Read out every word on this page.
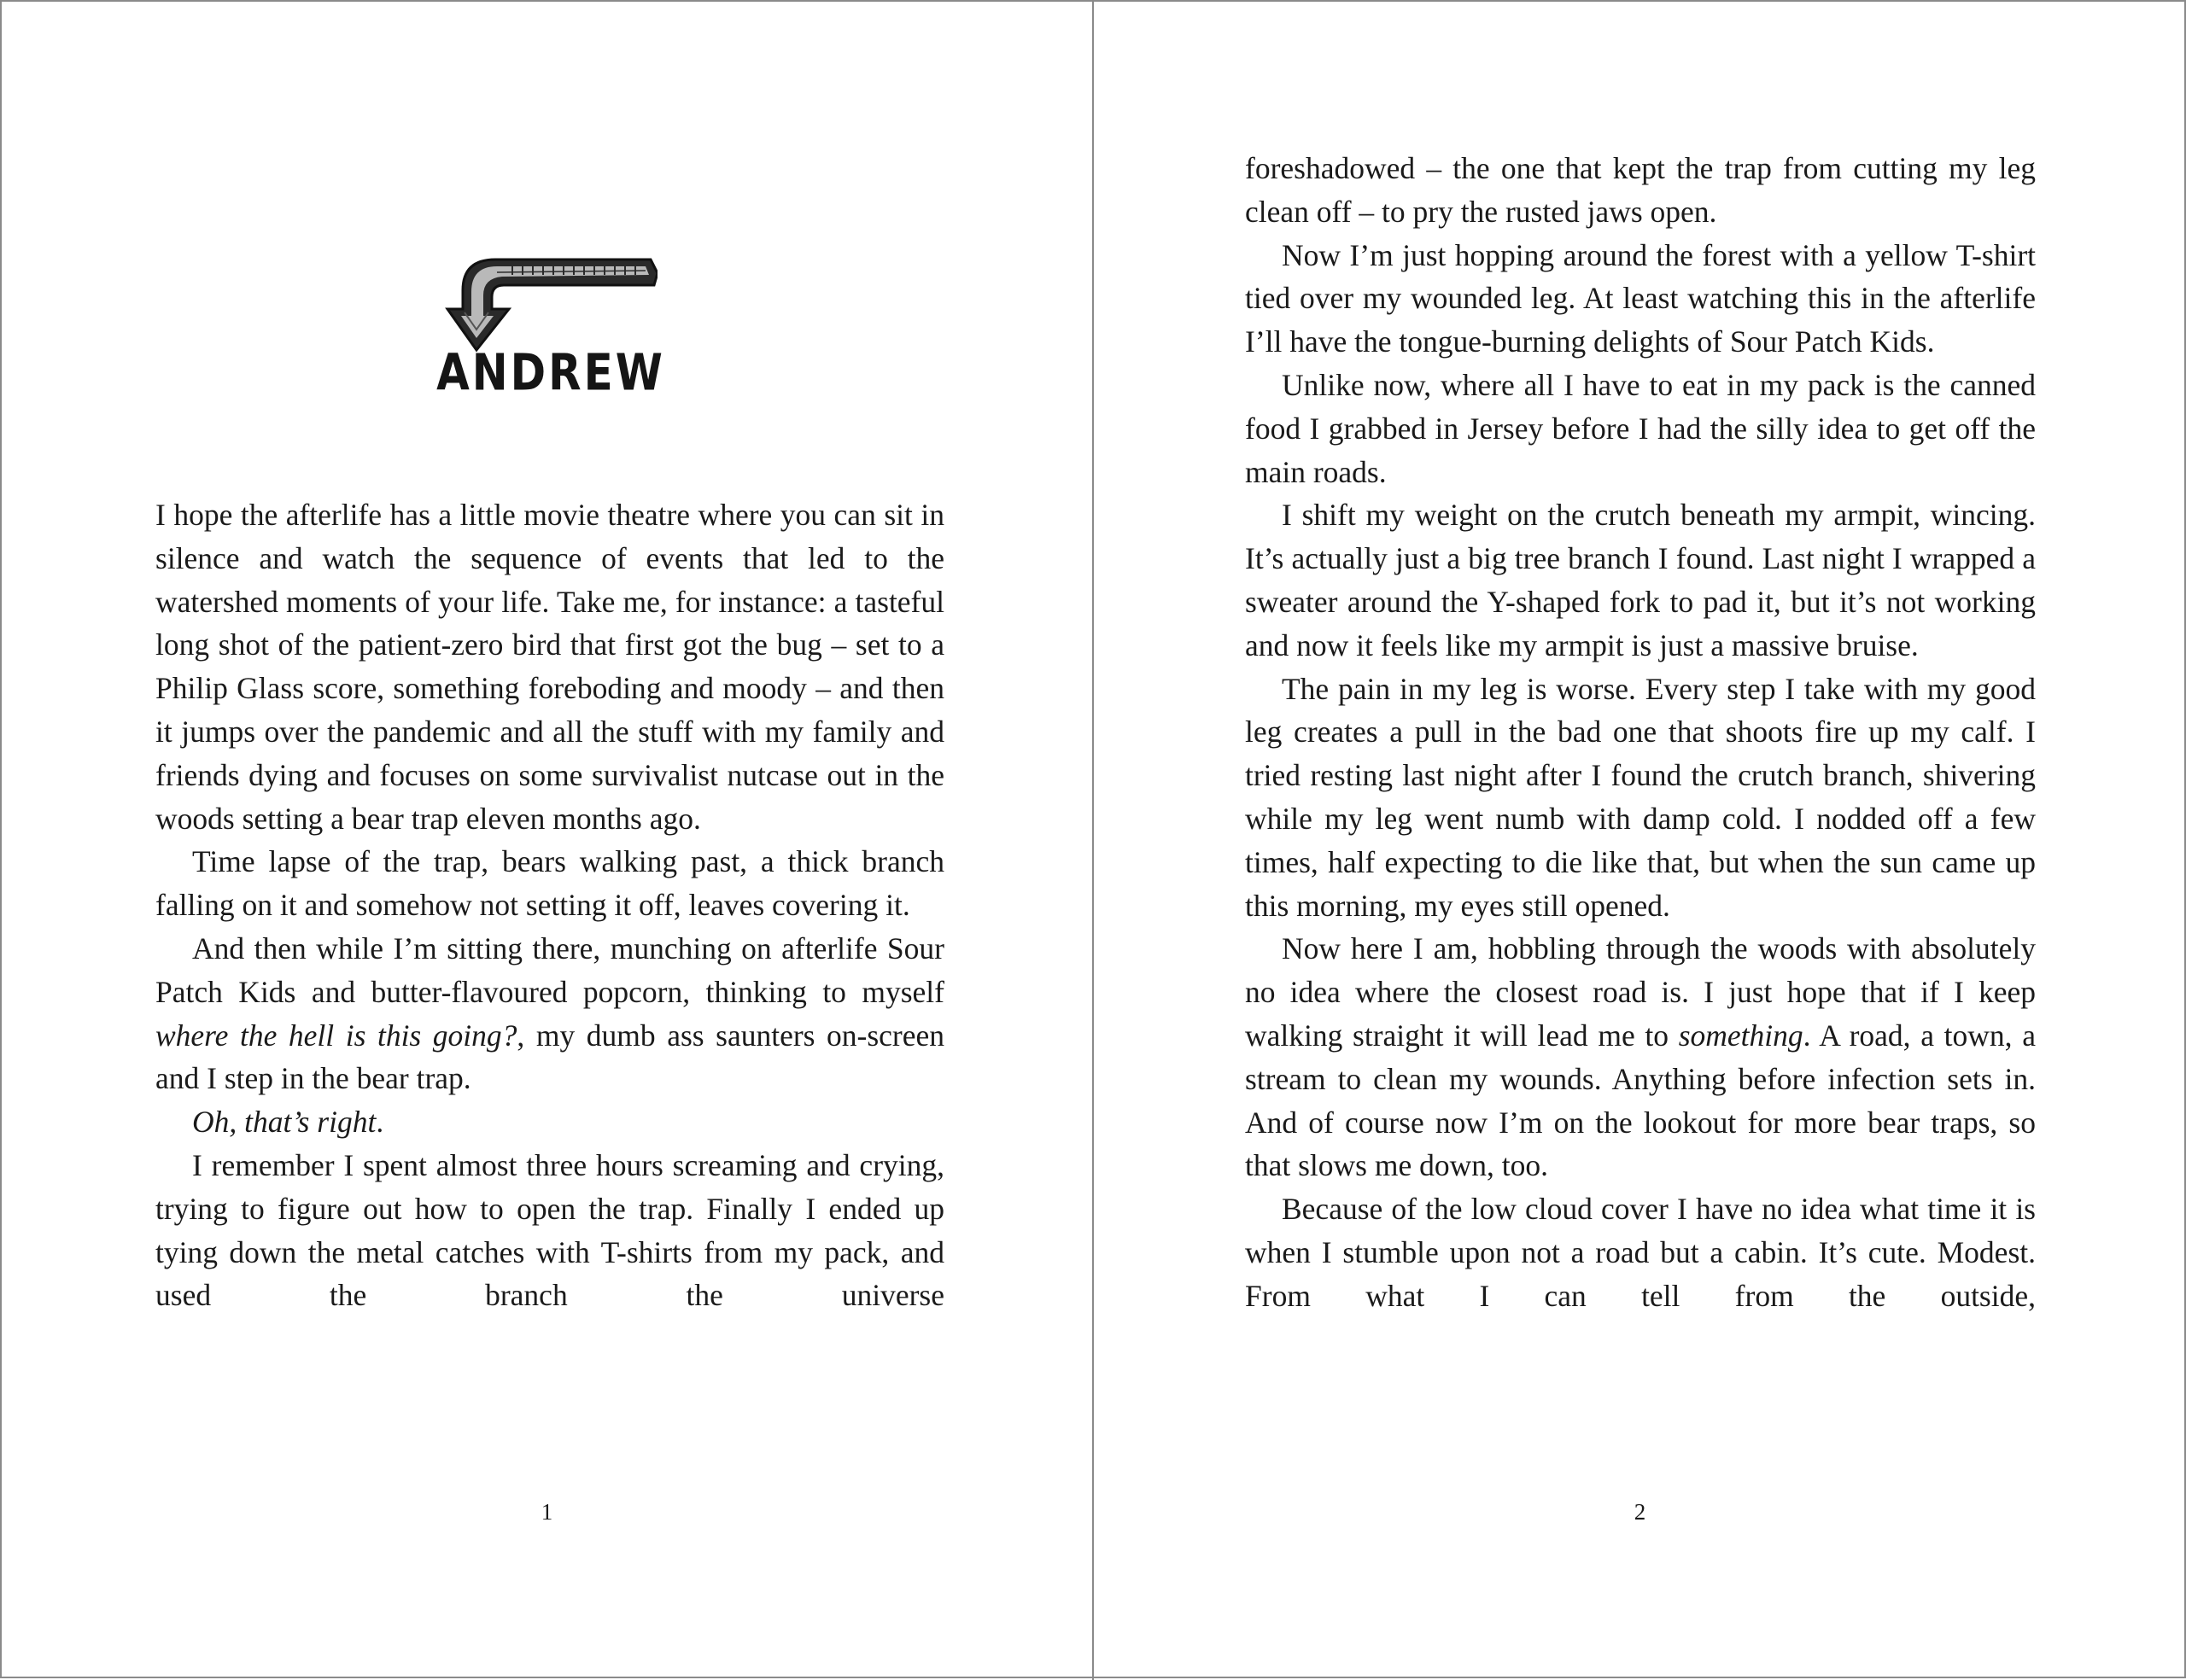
ANDREW

I hope the afterlife has a little movie theatre where you can sit in silence and watch the sequence of events that led to the watershed moments of your life. Take me, for instance: a tasteful long shot of the patient-zero bird that first got the bug – set to a Philip Glass score, something foreboding and moody – and then it jumps over the pandemic and all the stuff with my family and friends dying and focuses on some survivalist nutcase out in the woods setting a bear trap eleven months ago.

Time lapse of the trap, bears walking past, a thick branch falling on it and somehow not setting it off, leaves covering it.

And then while I’m sitting there, munching on afterlife Sour Patch Kids and butter-flavoured popcorn, thinking to myself where the hell is this going?, my dumb ass saunters on-screen and I step in the bear trap.

Oh, that’s right.

I remember I spent almost three hours screaming and crying, trying to figure out how to open the trap. Finally I ended up tying down the metal catches with T-shirts from my pack, and used the branch the universe

1

foreshadowed – the one that kept the trap from cutting my leg clean off – to pry the rusted jaws open.

Now I’m just hopping around the forest with a yellow T-shirt tied over my wounded leg. At least watching this in the afterlife I’ll have the tongue-burning delights of Sour Patch Kids.

Unlike now, where all I have to eat in my pack is the canned food I grabbed in Jersey before I had the silly idea to get off the main roads.

I shift my weight on the crutch beneath my armpit, wincing. It’s actually just a big tree branch I found. Last night I wrapped a sweater around the Y-shaped fork to pad it, but it’s not working and now it feels like my armpit is just a massive bruise.

The pain in my leg is worse. Every step I take with my good leg creates a pull in the bad one that shoots fire up my calf. I tried resting last night after I found the crutch branch, shivering while my leg went numb with damp cold. I nodded off a few times, half expecting to die like that, but when the sun came up this morning, my eyes still opened.

Now here I am, hobbling through the woods with absolutely no idea where the closest road is. I just hope that if I keep walking straight it will lead me to something. A road, a town, a stream to clean my wounds. Anything before infection sets in. And of course now I’m on the lookout for more bear traps, so that slows me down, too.

Because of the low cloud cover I have no idea what time it is when I stumble upon not a road but a cabin. It’s cute. Modest. From what I can tell from the outside,

2
